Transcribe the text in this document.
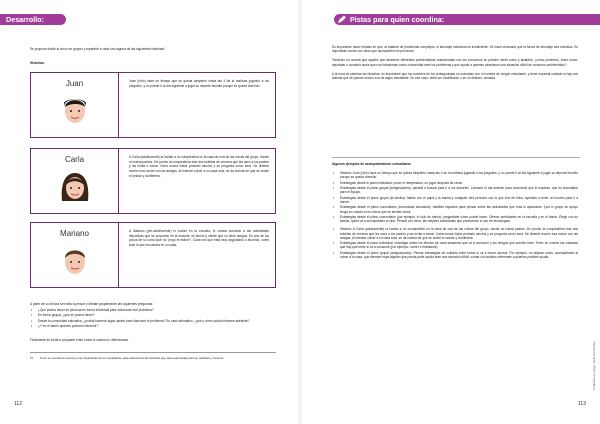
Desarrollo:
Se propone dividir al curso en grupos y repartirle a cada uno alguna de las siguientes historias²⁷.
Historias:
Juan	Juan (niño) hace un tiempo que se queda despierto hasta las 4 de la mañana jugando a los jueguitos, y no puede ir al día siguiente a jugar su deporte favorito porque se queda dormido.
Carla	A Carla (adolescente) la invitan a un cumpleaños en la casa de una de las chicas del grupo, donde no habrá padres. De pronto la cumpleañera trae dos botellas de cerveza que les sacó a los padres y las invita a tomar. Carla nunca había probado alcohol y se pregunta cómo será. Se divierte mucho esa noche con las amigas. Al intentar volver a su casa sola, se da cuenta de que se olvidó el celular y la billetera.
Mariano	A Mariano (pre-adolescente) lo burlan en la escuela, le cuesta sumarse a las actividades deportivas que se proponen en la escuela, es tímido y siente que no tiene amigos. Es uno de los pocos de su curso que no "pegó el estirón". Cada vez que está muy angustiado o aburrido, come todo lo que encuentra en su casa.
A partir de su lectura se invita a pensar y debatir grupalmente las siguientes preguntas:
• ¿Qué podría hacer se persona en forma individual para solucionar ese problema?
• En forma grupal, ¿qué se podría hacer?
• Desde la comunidad educativa, ¿podría hacerse algún aporte para disminuir el problema? En caso afirmativo, ¿qué y cómo podría llevarse adelante?
• ¿Y en el barrio quiénes podrían intervenir?
Finalmente se invita a compartir entre todos el camino lo reflexionado.
27 Tener en cuenta el contexto y las inquietudes de los estudiantes para seleccionar las historias que sean adecuadas para su realidad y contexto.
112
Pistas para quien coordina:

Es importante hacer énfasis en que, al tratarse de problemas complejos, el abordaje individual es insuficiente. Se hace necesario que la forma de abordaje sea colectiva. Es importante contar con otros que acompañen los procesos.

Teniendo en cuenta que aquello que atraviese diferentes problemáticas relacionadas con los consumos se pueden sentir solos y aislados, ¿cómo podemos, entre todos, apuntalar o construir lazos que nos fortalezcan como comunidad ante los problemas y que ayude a quienes atraviesan una situación difícil de consumo problemático?

A la hora de plantear las historias, es importante que los nombres de los protagonistas no coincidan con el nombre de ningún estudiante, y tener especial cuidado si hay una historia que se parece mucho a la de algún estudiante. En ese caso, debe ser modificada, o en su defecto, obviada.

Algunos ejemplos de acompañamiento comunitario:
• Historia: Juan (niño) hace un tiempo que se queda despierto hasta las 4 de la mañana jugando a los jueguitos, y no puede ir al día siguiente a jugar su deporte favorito porque se queda dormido.
• Estrategias desde el plano individual: poner el despertador, no jugar después de cenar.
• Estrategias desde el plano grupal (amigos/pares): pasarle a buscar para ir a los deportes. Llamarlo el día anterior para recordarle qué lo esperan, que es importante para el equipo.
• Estrategias desde el plano grupal (la familia): hablar con el papá y la mamá y cualquier otra persona con la que vive de ellos, ayudarlo a tener un horario para ir a dormir.
• Estrategias desde el plano comunitario (comunidad educativa): habilitar espacios para pensar sobre las actividades que más lo apasionan. Que el grupo de apoyo tenga en cuenta a los chicos que se sienten solos.
• Estrategias desde el plano comunitario (por ejemplo, el club de barrio): preguntarle cómo puede hacer. Ofrecer actividades en la escuela y en el barrio. Elegir con su familia, quién va a acompañarlo al club. Pensar con otros, las mejores actividades que promueven el uso de tecnologías.
• Historia: A Carla (adolescente) la invitan a un cumpleaños en la casa de una de las chicas del grupo, donde no habrá padres. De pronto la cumpleañera trae dos botellas de cerveza que les sacó a los padres y las invita a tomar. Carla nunca había probado alcohol y se pregunta cómo será. Se divierte mucho esa noche con las amigas. Al intentar volver a su casa sola, se da cuenta de que se olvidó el celular y la billetera.
• Estrategias desde el plano individual: investigar sobre los efectos de cada sustancia que va a consumir y los riesgos que pueden traer. Tener en cuenta los cuidados que hay que tener si va a consumir (por ejemplo: comer e hidratarse).
• Estrategias desde el plano grupal (amigos/pares): Pensar estrategias de cuidado entre todos si va a tomar alcohol. Por ejemplo, no dejarse solos, acompañarse al volver a la casa, que siempre haya alguien que pueda pedir ayuda ante una situación difícil, contar con adultos referentes a quienes pedirles ayuda.
Cuidados en juego, ideal prevenidos
113
